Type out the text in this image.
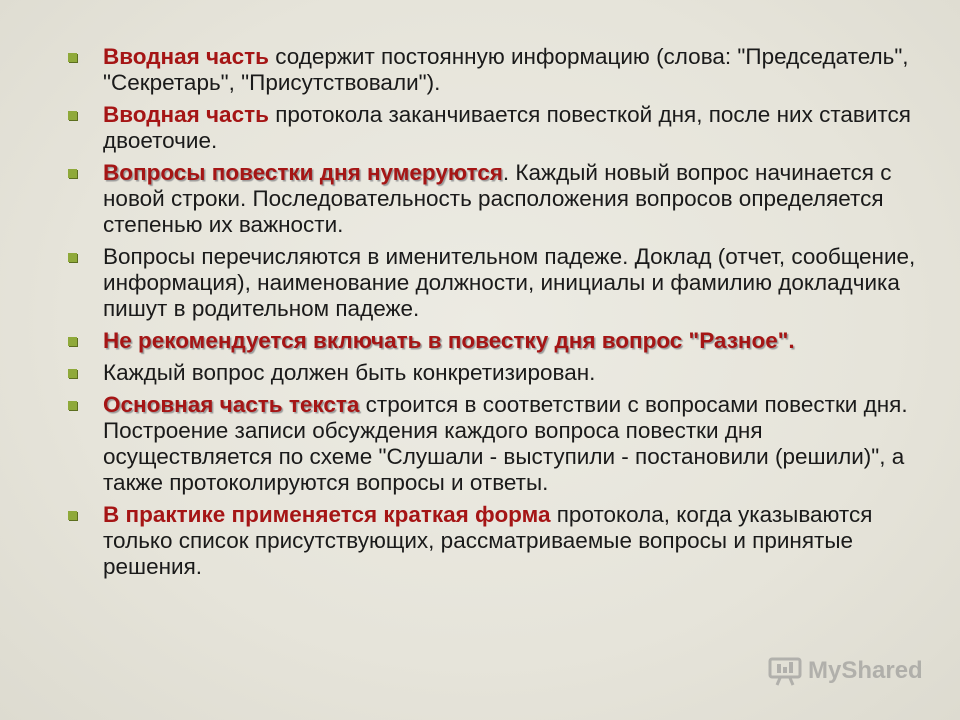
Вводная часть содержит постоянную информацию (слова: "Председатель", "Секретарь", "Присутствовали").
Вводная часть протокола заканчивается повесткой дня, после них ставится двоеточие.
Вопросы повестки дня нумеруются. Каждый новый вопрос начинается с новой строки. Последовательность расположения вопросов определяется степенью их важности.
Вопросы перечисляются в именительном падеже. Доклад (отчет, сообщение, информация), наименование должности, инициалы и фамилию докладчика пишут в родительном падеже.
Не рекомендуется включать в повестку дня вопрос "Разное".
Каждый вопрос должен быть конкретизирован.
Основная часть текста строится в соответствии с вопросами повестки дня. Построение записи обсуждения каждого вопроса повестки дня осуществляется по схеме "Слушали - выступили - постановили (решили)", а также протоколируются вопросы и ответы.
В практике применяется краткая форма протокола, когда указываются только список присутствующих, рассматриваемые вопросы и принятые решения.
MyShared
